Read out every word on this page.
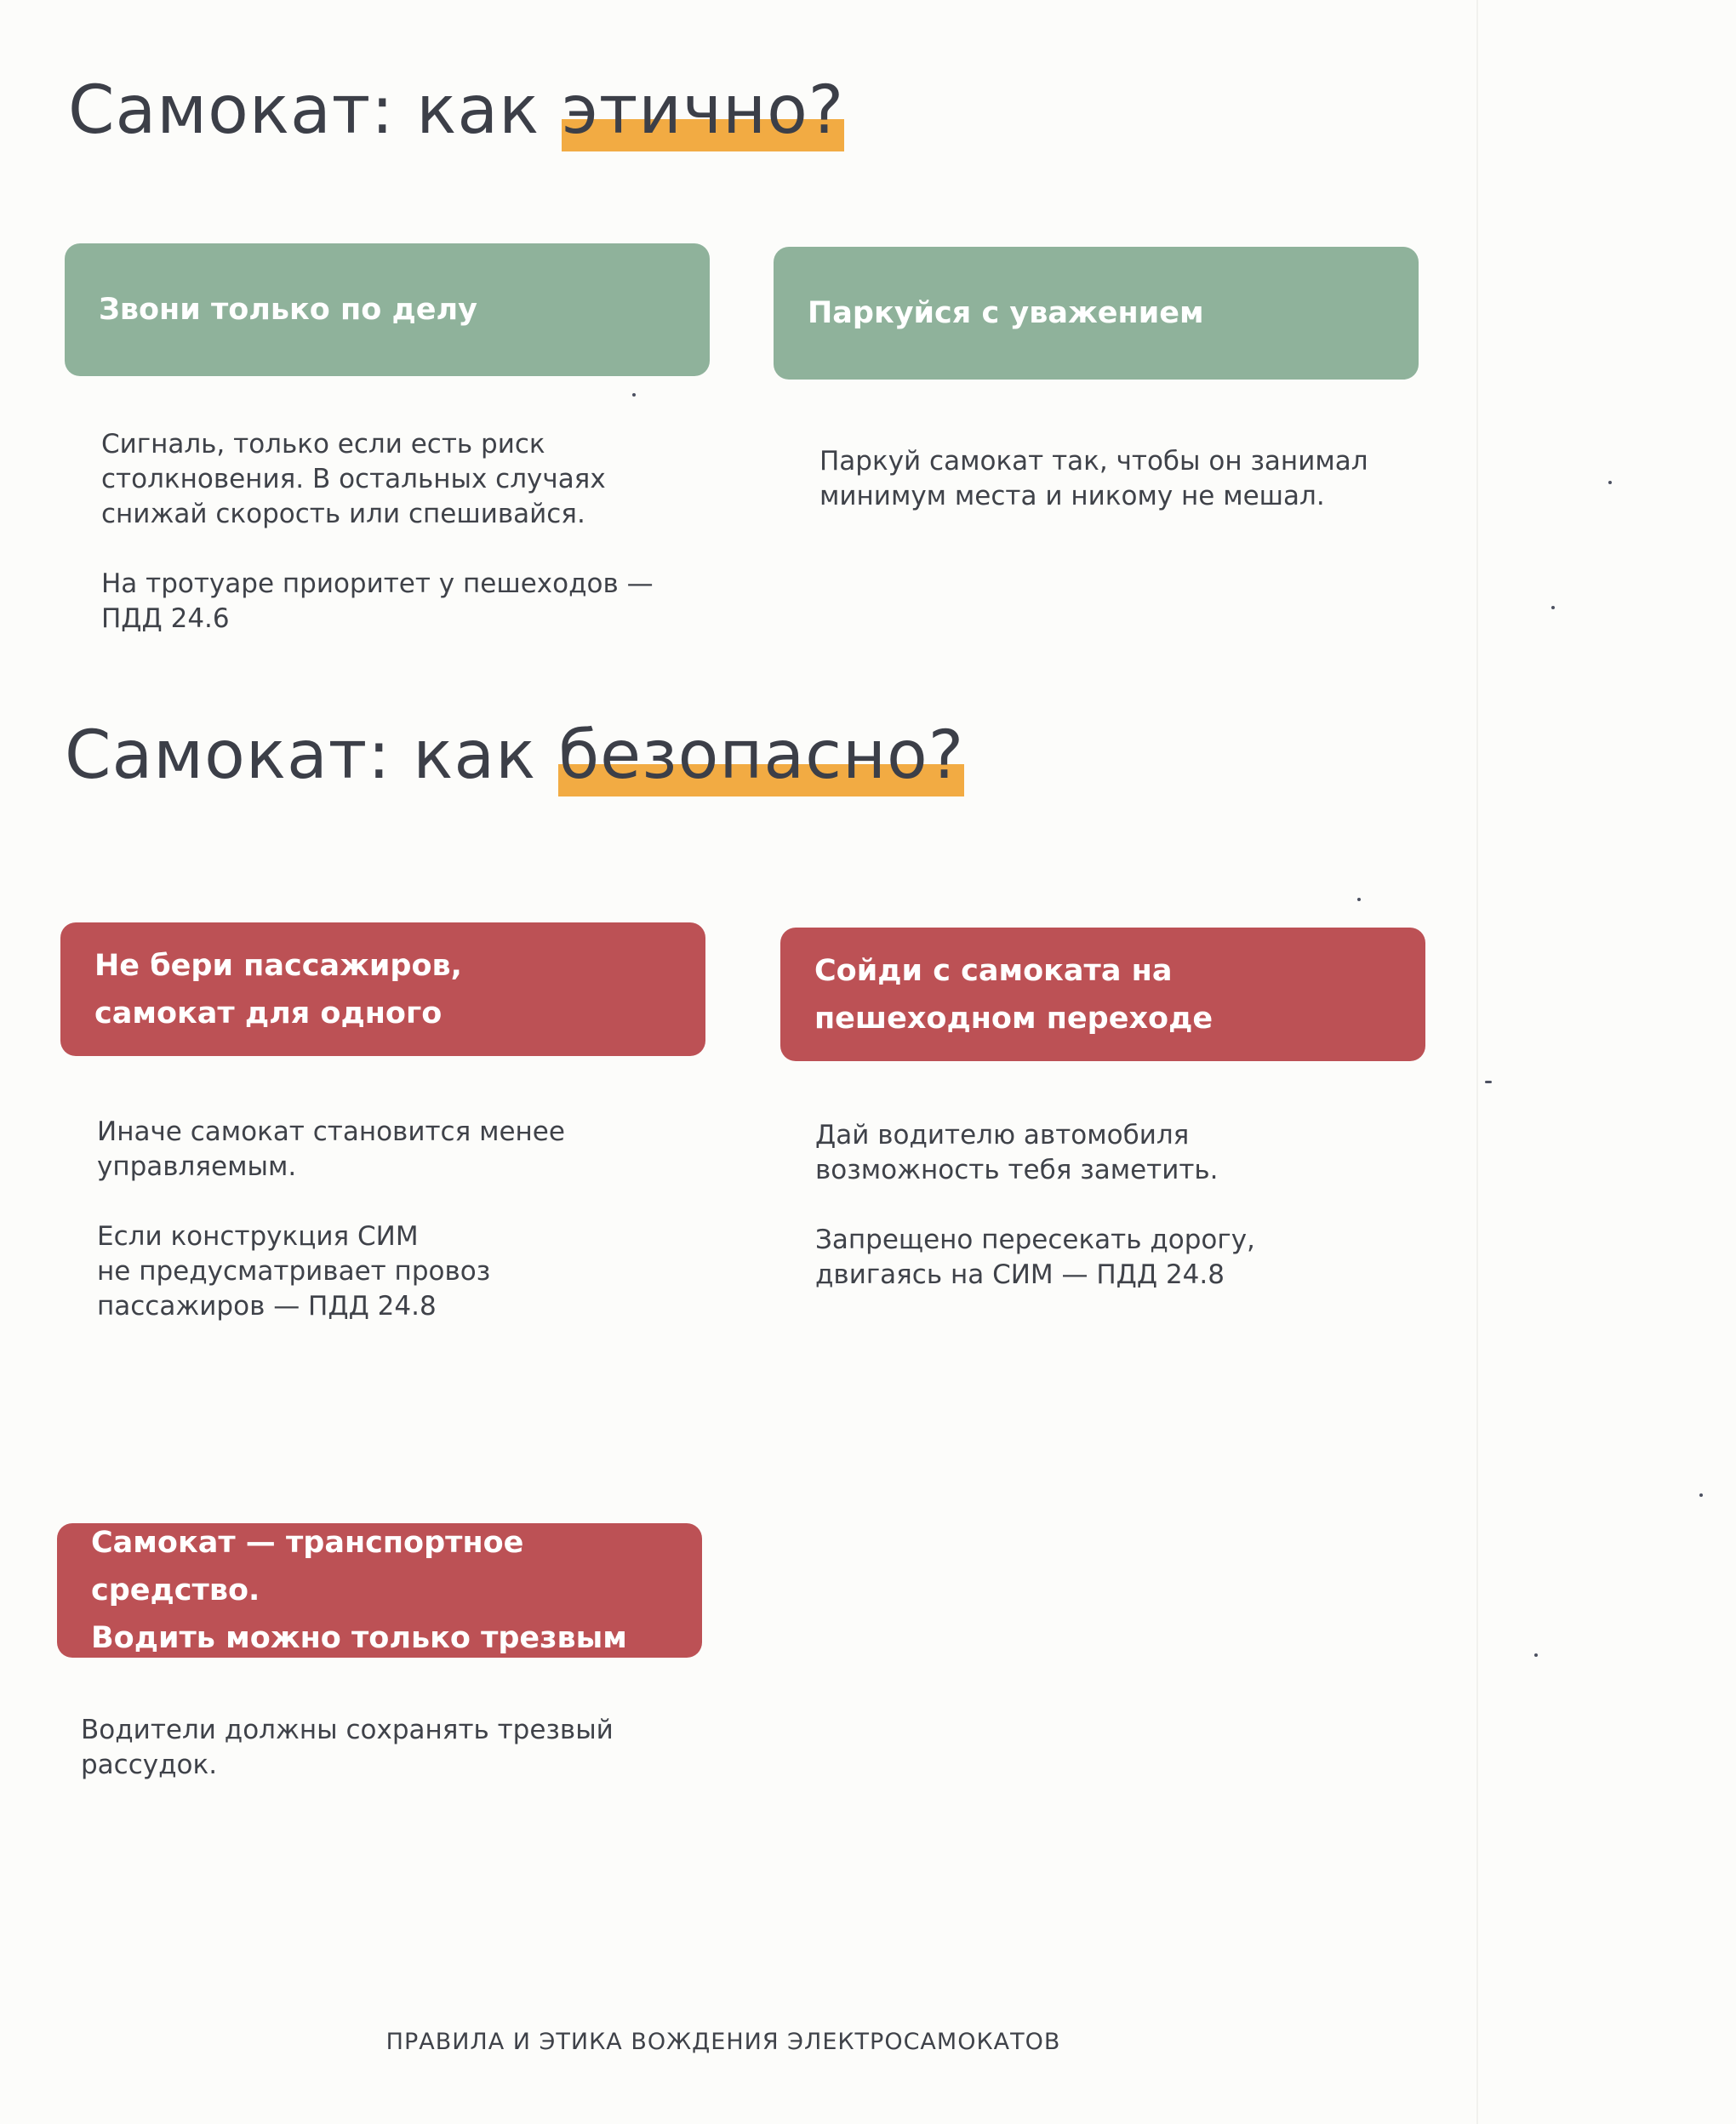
Самокат: как этично?
Звони только по делу

Сигналь, только если есть риск
столкновения. В остальных случаях
снижай скорость или спешивайся.

На тротуаре приоритет у пешеходов —
ПДД 24.6

Паркуйся с уважением

Паркуй самокат так, чтобы он занимал
минимум места и никому не мешал.

Самокат: как безопасно?
Не бери пассажиров,
самокат для одного

Иначе самокат становится менее
управляемым.

Если конструкция СИМ
не предусматривает провоз
пассажиров — ПДД 24.8

Сойди с самоката на
пешеходном переходе

Дай водителю автомобиля
возможность тебя заметить.

Запрещено пересекать дорогу,
двигаясь на СИМ — ПДД 24.8

Самокат — транспортное средство.
Водить можно только трезвым

Водители должны сохранять трезвый
рассудок.

ПРАВИЛА И ЭТИКА ВОЖДЕНИЯ ЭЛЕКТРОСАМОКАТОВ
